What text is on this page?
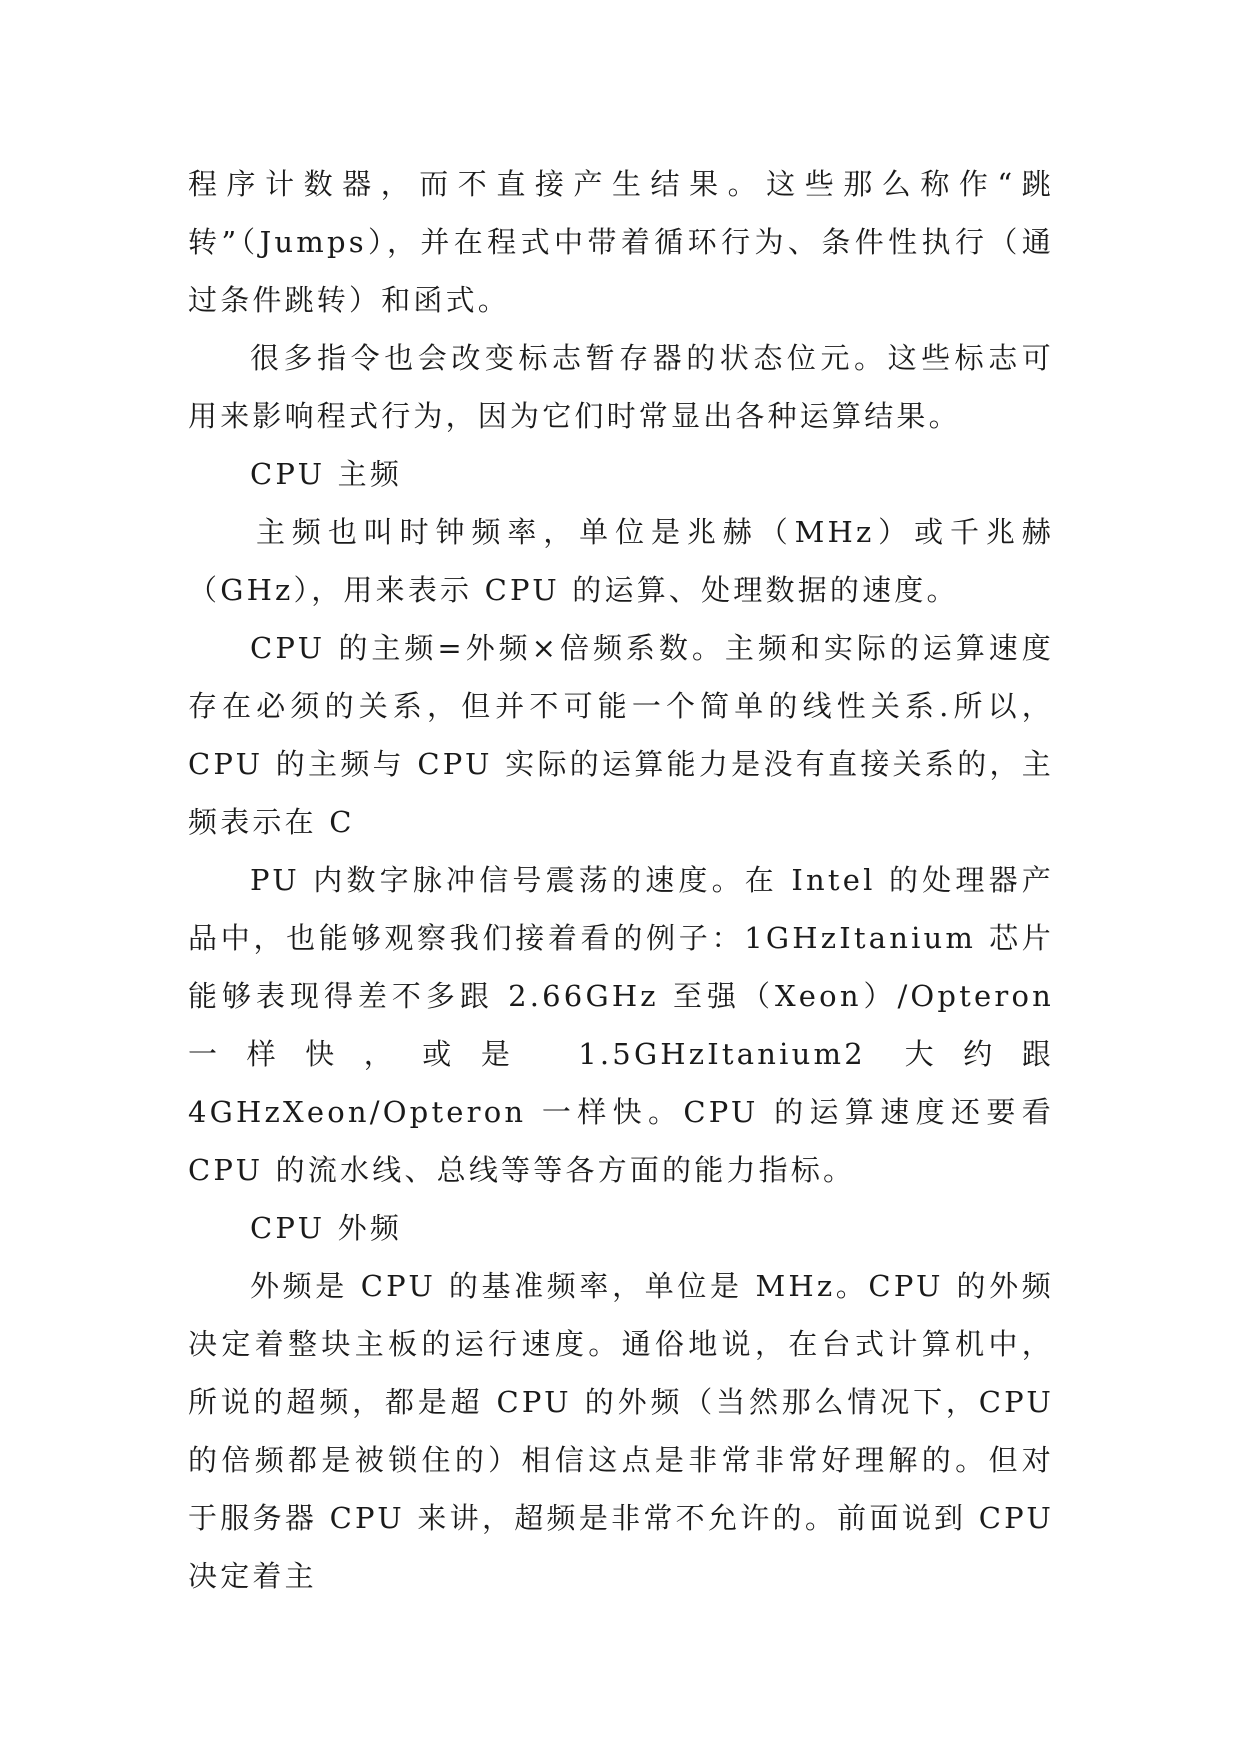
程序计数器，而不直接产生结果。这些那么称作“跳转”（Jumps），并在程式中带着循环行为、条件性执行（通过条件跳转）和函式。

很多指令也会改变标志暂存器的状态位元。这些标志可用来影响程式行为，因为它们时常显出各种运算结果。

CPU 主频

主频也叫时钟频率，单位是兆赫（MHz）或千兆赫（GHz），用来表示 CPU 的运算、处理数据的速度。

CPU 的主频=外频×倍频系数。主频和实际的运算速度存在必须的关系，但并不可能一个简单的线性关系.所以，CPU 的主频与 CPU 实际的运算能力是没有直接关系的，主频表示在 C

PU 内数字脉冲信号震荡的速度。在 Intel 的处理器产品中，也能够观察我们接着看的例子：1GHzItanium 芯片能够表现得差不多跟 2.66GHz 至强（Xeon）/Opteron 一样快，或是 1.5GHzItanium2 大约跟 4GHzXeon/Opteron 一样快。CPU 的运算速度还要看 CPU 的流水线、总线等等各方面的能力指标。

CPU 外频

外频是 CPU 的基准频率，单位是 MHz。CPU 的外频决定着整块主板的运行速度。通俗地说，在台式计算机中，所说的超频，都是超 CPU 的外频（当然那么情况下，CPU 的倍频都是被锁住的）相信这点是非常非常好理解的。但对于服务器 CPU 来讲，超频是非常不允许的。前面说到 CPU 决定着主
